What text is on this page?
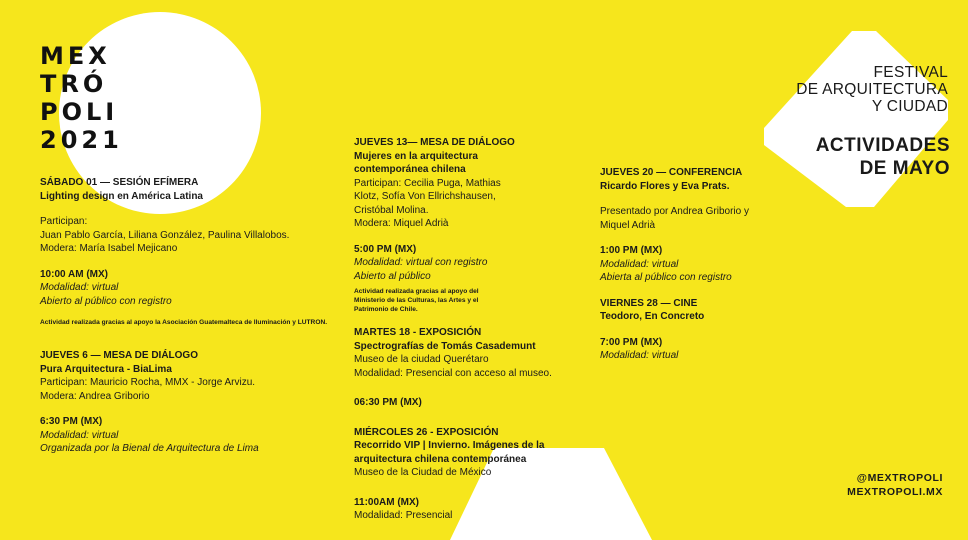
MEX
TRÓ
POLI
2021

FESTIVAL

DE ARQUITECTURA

Y CIUDAD

ACTIVIDADES

DE MAYO

SÁBADO 01 — SESIÓN EFÍMERA

Lighting design en América Latina

Participan:

Juan Pablo García, Liliana González, Paulina Villalobos.

Modera: María Isabel Mejicano

10:00 AM (MX)

Modalidad: virtual

Abierto al público con registro

Actividad realizada gracias al apoyo la Asociación Guatemalteca de Iluminación y LUTRON.

JUEVES 6 — MESA DE DIÁLOGO

Pura Arquitectura - BiaLima

Participan: Mauricio Rocha, MMX - Jorge Arvizu.

Modera: Andrea Griborio

6:30 PM (MX)

Modalidad: virtual

Organizada por la Bienal de Arquitectura de Lima

JUEVES 13— MESA DE DIÁLOGO

Mujeres en la arquitectura

contemporánea chilena

Participan: Cecilia Puga, Mathias

Klotz, Sofía Von Ellrichshausen,

Cristóbal Molina.

Modera: Miquel Adrià

5:00 PM (MX)

Modalidad: virtual con registro

Abierto al público

Actividad realizada gracias al apoyo del

Ministerio de las Culturas, las Artes y el

Patrimonio de Chile.

MARTES 18 - EXPOSICIÓN

Spectrografías de Tomás Casademunt

Museo de la ciudad Querétaro

Modalidad: Presencial con acceso al museo.

06:30 PM (MX)

MIÉRCOLES 26 - EXPOSICIÓN

Recorrido VIP | Invierno. Imágenes de la

arquitectura chilena contemporánea

Museo de la Ciudad de México

11:00AM (MX)

Modalidad: Presencial

JUEVES 20 — CONFERENCIA

Ricardo Flores y Eva Prats.

Presentado por Andrea Griborio y

Miquel Adrià

1:00 PM (MX)

Modalidad: virtual

Abierta al público con registro

VIERNES 28 — CINE

Teodoro, En Concreto

7:00 PM (MX)

Modalidad: virtual

@MEXTROPOLI

MEXTROPOLI.MX
